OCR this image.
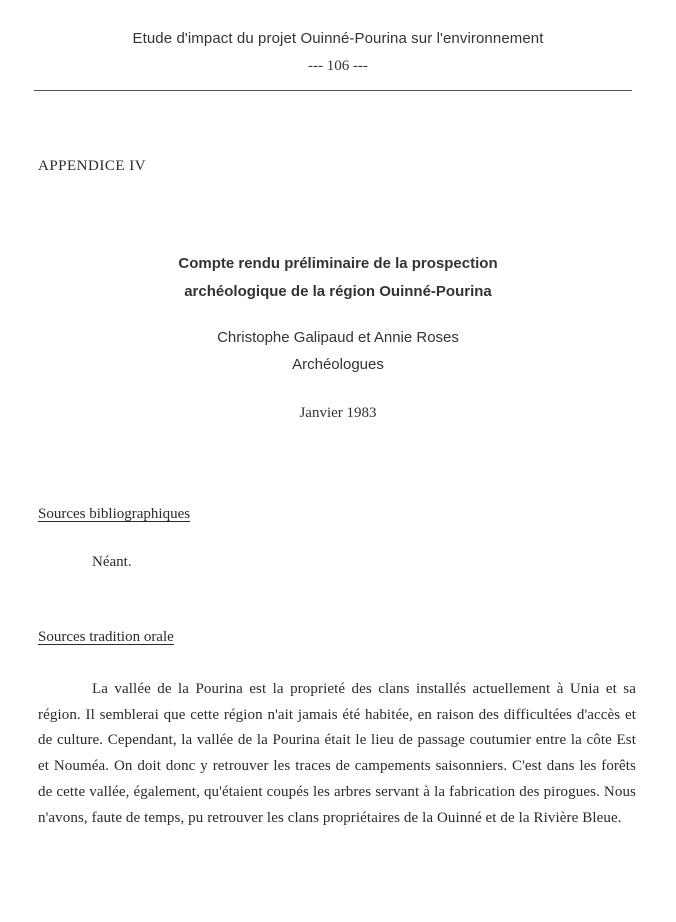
Etude d'impact du projet Ouinné-Pourina sur l'environnement
--- 106 ---
APPENDICE IV
Compte rendu préliminaire de la prospection
archéologique de la région Ouinné-Pourina
Christophe Galipaud et Annie Roses
Archéologues
Janvier 1983
Sources bibliographiques
Néant.
Sources tradition orale
La vallée de la Pourina est la proprieté des clans installés actuellement à Unia et sa région. Il semblerai que cette région n'ait jamais été habitée, en raison des difficultées d'accès et de culture. Cependant, la vallée de la Pourina était le lieu de passage coutumier entre la côte Est et Nouméa. On doit donc y retrouver les traces de campements saisonniers. C'est dans les forêts de cette vallée, également, qu'étaient coupés les arbres servant à la fabrication des pirogues. Nous n'avons, faute de temps, pu retrouver les clans propriétaires de la Ouinné et de la Rivière Bleue.
